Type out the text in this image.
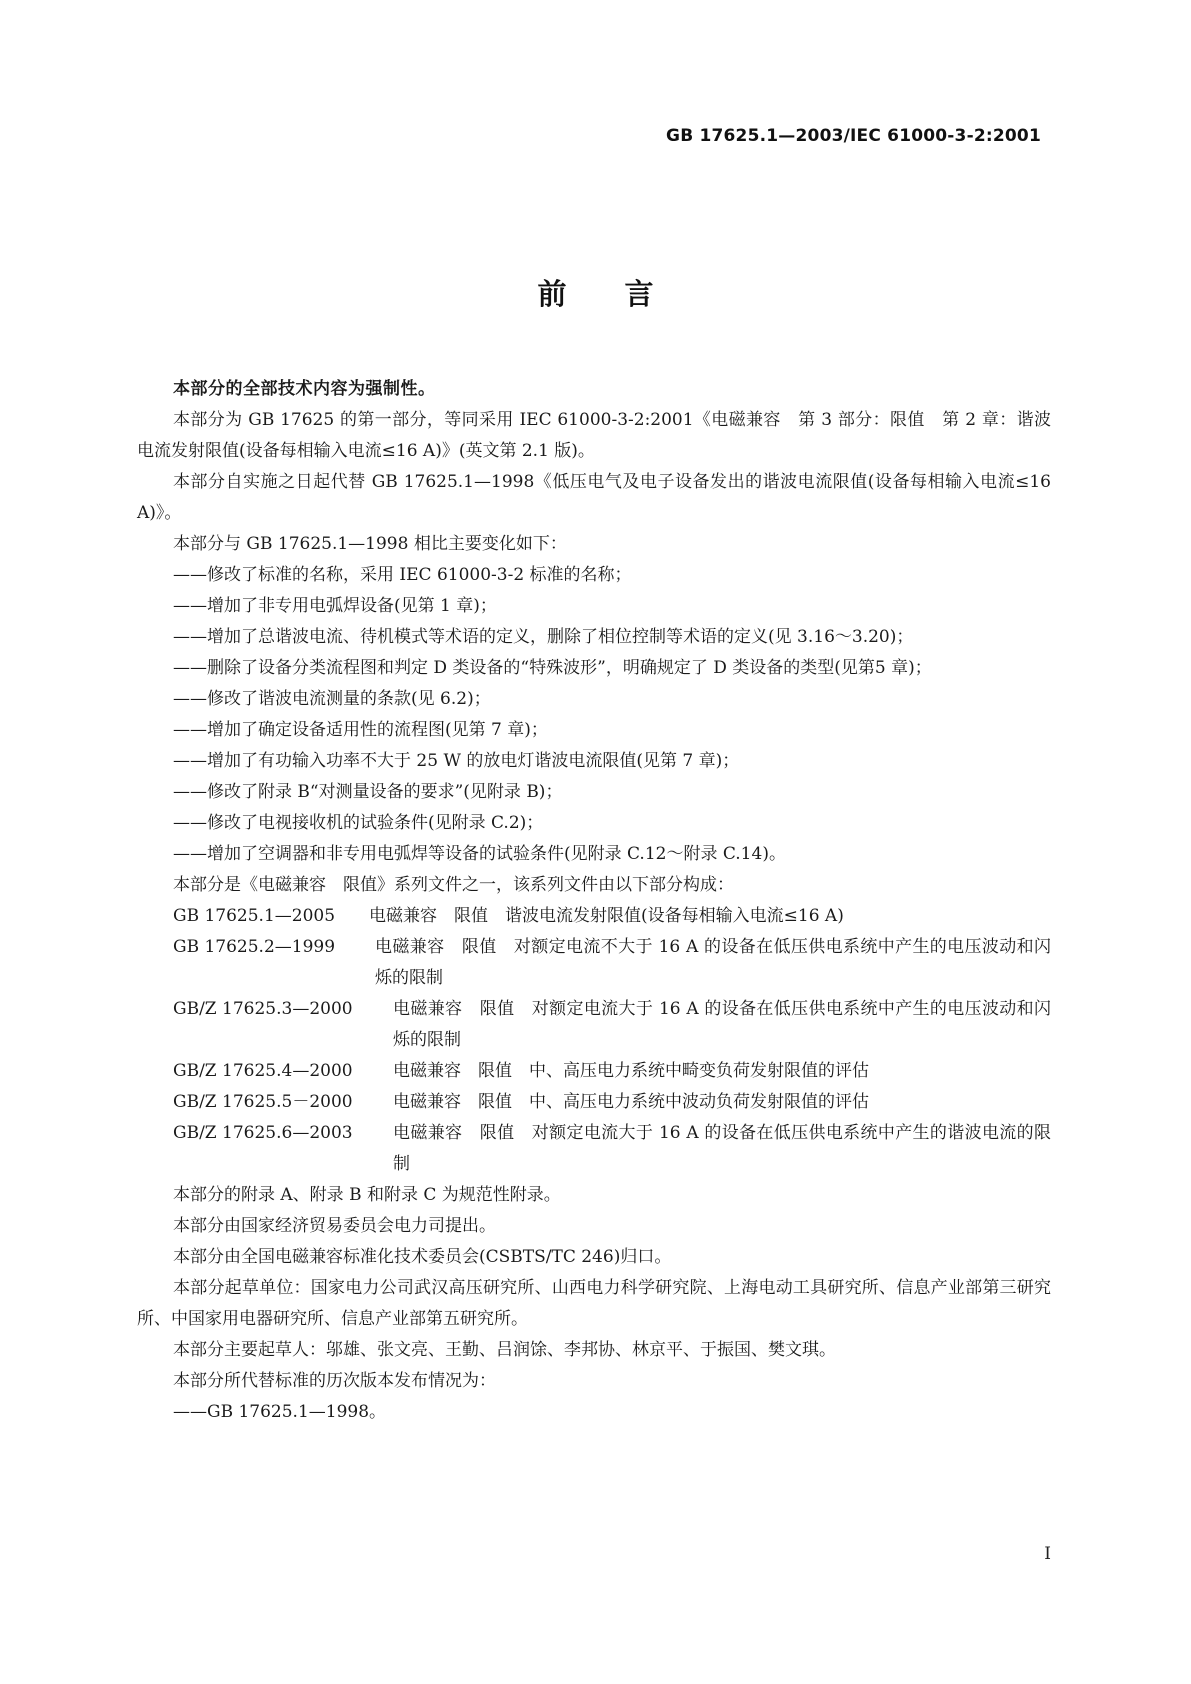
GB 17625.1—2003/IEC 61000-3-2:2001
前言

本部分的全部技术内容为强制性。

本部分为 GB 17625 的第一部分，等同采用 IEC 61000-3-2:2001《电磁兼容　第 3 部分：限值　第 2 章：谐波电流发射限值(设备每相输入电流≤16 A)》(英文第 2.1 版)。

本部分自实施之日起代替 GB 17625.1—1998《低压电气及电子设备发出的谐波电流限值(设备每相输入电流≤16 A)》。

本部分与 GB 17625.1—1998 相比主要变化如下：

——修改了标准的名称，采用 IEC 61000-3-2 标准的名称；

——增加了非专用电弧焊设备(见第 1 章)；

——增加了总谐波电流、待机模式等术语的定义，删除了相位控制等术语的定义(见 3.16～3.20)；

——删除了设备分类流程图和判定 D 类设备的“特殊波形”，明确规定了 D 类设备的类型(见第5 章)；

——修改了谐波电流测量的条款(见 6.2)；

——增加了确定设备适用性的流程图(见第 7 章)；

——增加了有功输入功率不大于 25 W 的放电灯谐波电流限值(见第 7 章)；

——修改了附录 B“对测量设备的要求”(见附录 B)；

——修改了电视接收机的试验条件(见附录 C.2)；

——增加了空调器和非专用电弧焊等设备的试验条件(见附录 C.12～附录 C.14)。

本部分是《电磁兼容　限值》系列文件之一，该系列文件由以下部分构成：

GB 17625.1—2005	电磁兼容　限值　谐波电流发射限值(设备每相输入电流≤16 A)
GB 17625.2—1999	电磁兼容　限值　对额定电流不大于 16 A 的设备在低压供电系统中产生的电压波动和闪烁的限制
GB/Z 17625.3—2000	电磁兼容　限值　对额定电流大于 16 A 的设备在低压供电系统中产生的电压波动和闪烁的限制
GB/Z 17625.4—2000	电磁兼容　限值　中、高压电力系统中畸变负荷发射限值的评估
GB/Z 17625.5－2000	电磁兼容　限值　中、高压电力系统中波动负荷发射限值的评估
GB/Z 17625.6—2003	电磁兼容　限值　对额定电流大于 16 A 的设备在低压供电系统中产生的谐波电流的限制

本部分的附录 A、附录 B 和附录 C 为规范性附录。

本部分由国家经济贸易委员会电力司提出。

本部分由全国电磁兼容标准化技术委员会(CSBTS/TC 246)归口。

本部分起草单位：国家电力公司武汉高压研究所、山西电力科学研究院、上海电动工具研究所、信息产业部第三研究所、中国家用电器研究所、信息产业部第五研究所。

本部分主要起草人：邬雄、张文亮、王勤、吕润馀、李邦协、林京平、于振国、樊文琪。

本部分所代替标准的历次版本发布情况为：

——GB 17625.1—1998。

I
